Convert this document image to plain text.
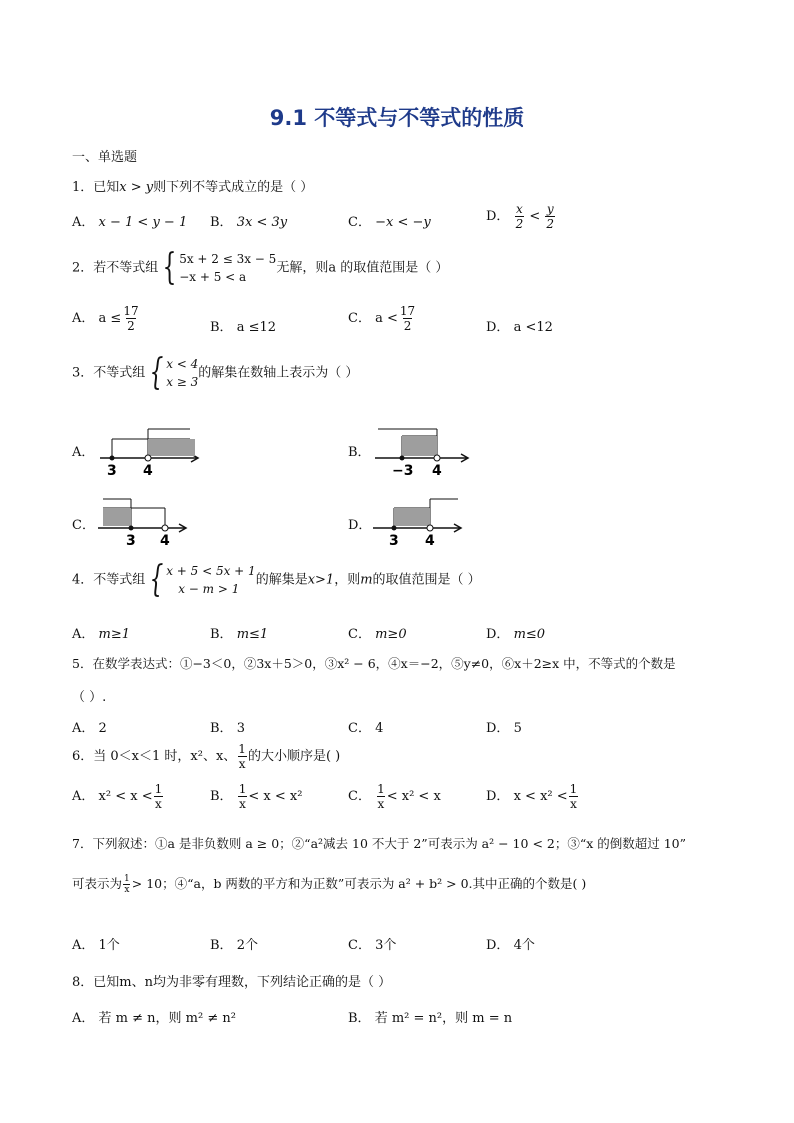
9.1 不等式与不等式的性质
一、单选题
1．已知x > y则下列不等式成立的是（ ）
A． x − 1 < y − 1 B． 3x < 3y	C． −x < −y	D． $\frac{x}{2} < \frac{y}{2}$
2．若不等式组 { 5x + 2 ≤ 3x − 5
−x + 5 < a
无解，则a 的取值范围是（ ）
A． $a \le \frac{17}{2}$	B． a ≤12
C． $a < \frac{17}{2}$	D． a <12
3．不等式组 { x < 4
x ≥ 3
的解集在数轴上表示为（ ）
A．
3 4
B．
−3 4
C．
3 4
D．
3 4
4．不等式组 { x + 5 < 5x + 1
x − m > 1
的解集是x>1，则m的取值范围是（ ）
A． m≥1	B． m≤1	C． m≥0	D． m≤0
5．在数学表达式：①−3＜0，②3x＋5＞0，③x² − 6，④x＝−2，⑤y≠0，⑥x＋2≥x 中，不等式的个数是
（ ）.
A． 2	B． 3	C． 4	D． 5
6．当 0＜x＜1 时，x²、x、 $\frac{1}{x}$ 的大小顺序是( )
A． $x^2 < x < \frac{1}{x}$	B． $\frac{1}{x} < x < x^2$	C． $\frac{1}{x} < x^2 < x$	D． $x < x^2 < \frac{1}{x}$
7．下列叙述：①a 是非负数则 a ≥ 0；②“a²减去 10 不大于 2”可表示为 a² − 10 < 2；③“x 的倒数超过 10”
可表示为 $\frac{1}{x} > 10$；④“a，b 两数的平方和为正数”可表示为 a² + b² > 0.其中正确的个数是( )
A． 1个	B． 2个	C． 3个	D． 4个
8．已知m、n均为非零有理数，下列结论正确的是（ ）
A． 若 m ≠ n，则 m² ≠ n²	B． 若 m² = n²，则 m = n
